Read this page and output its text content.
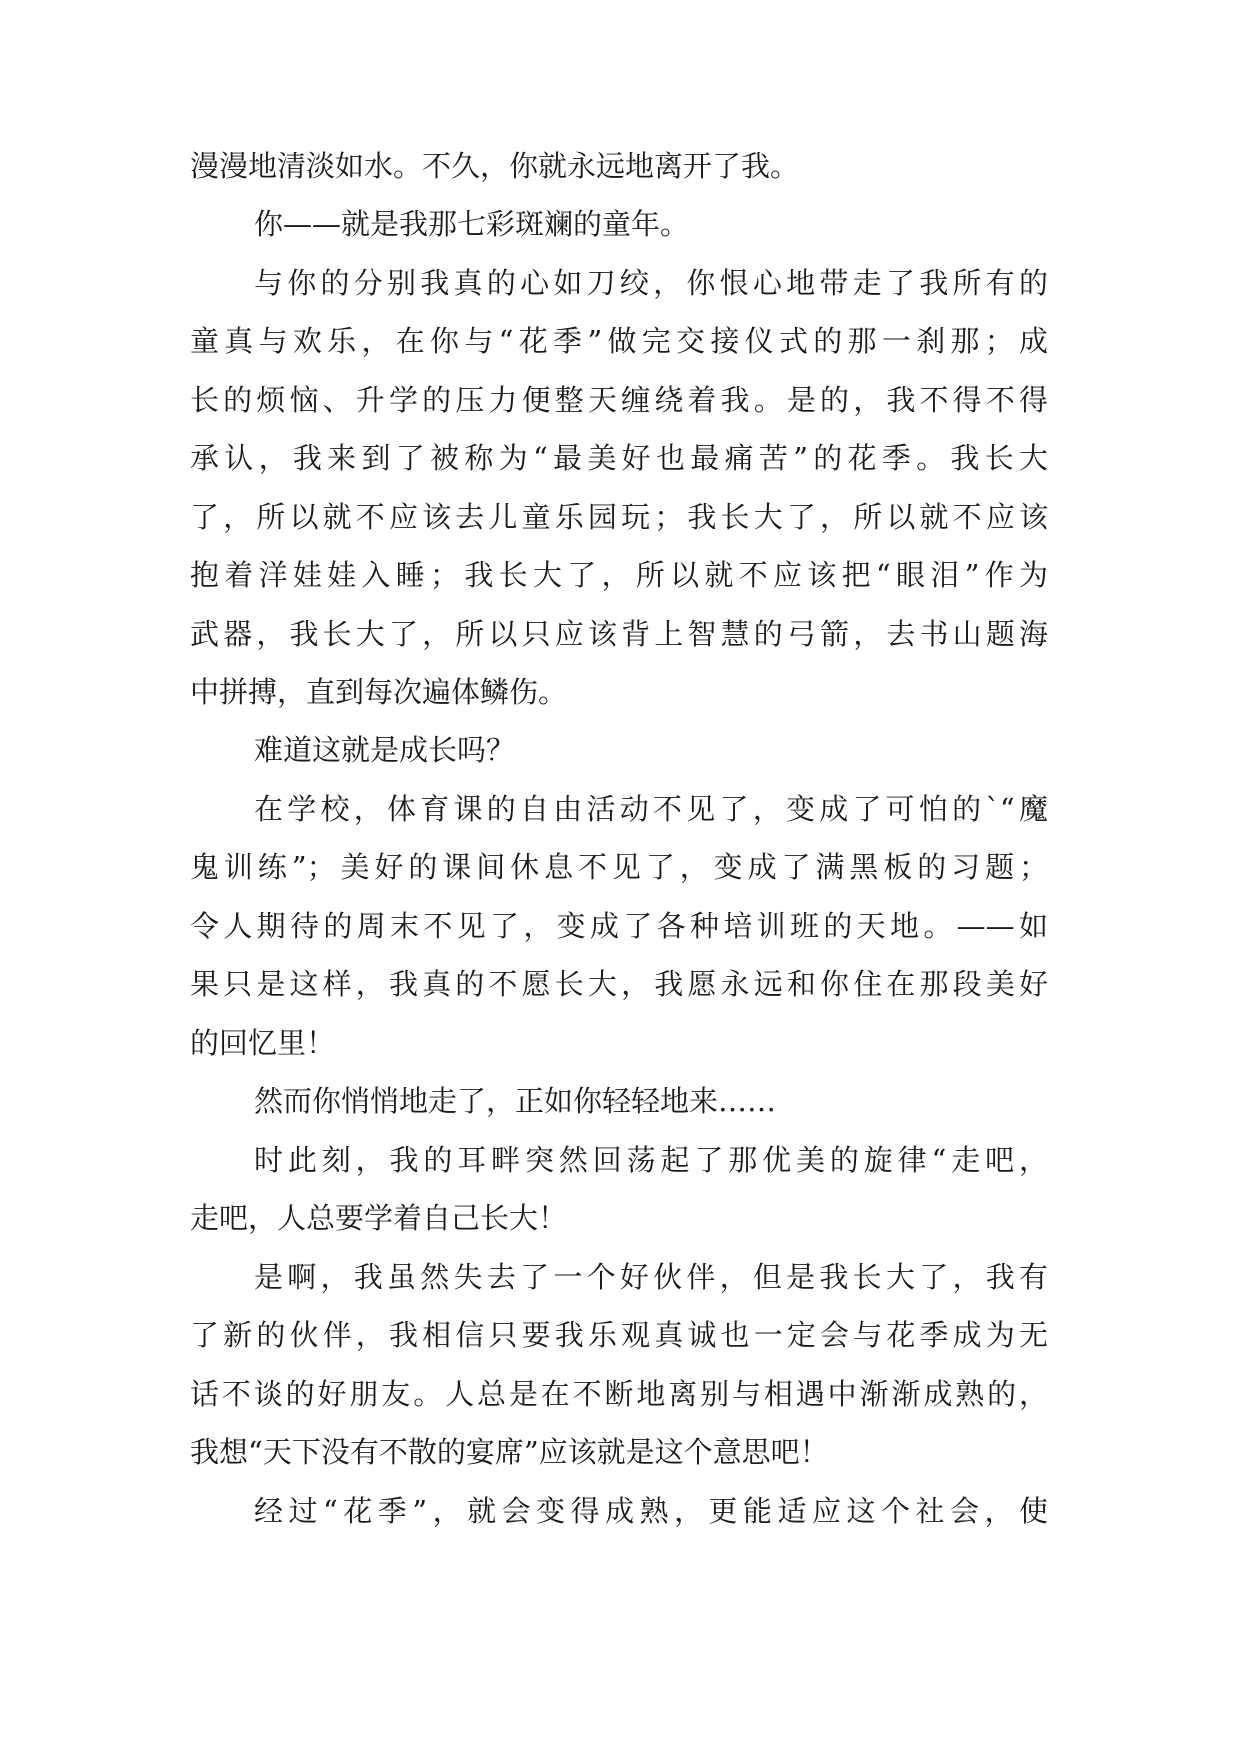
漫漫地清淡如水。不久，你就永远地离开了我。
你——就是我那七彩斑斓的童年。
与你的分别我真的心如刀绞，你恨心地带走了我所有的
童真与欢乐，在你与“花季”做完交接仪式的那一刹那；成
长的烦恼、升学的压力便整天缠绕着我。是的，我不得不得
承认，我来到了被称为“最美好也最痛苦”的花季。我长大
了，所以就不应该去儿童乐园玩；我长大了，所以就不应该
抱着洋娃娃入睡；我长大了，所以就不应该把“眼泪”作为
武器，我长大了，所以只应该背上智慧的弓箭，去书山题海
中拼搏，直到每次遍体鳞伤。
难道这就是成长吗？
在学校，体育课的自由活动不见了，变成了可怕的`“魔
鬼训练”；美好的课间休息不见了，变成了满黑板的习题；
令人期待的周末不见了，变成了各种培训班的天地。——如
果只是这样，我真的不愿长大，我愿永远和你住在那段美好
的回忆里！
然而你悄悄地走了，正如你轻轻地来……
时此刻，我的耳畔突然回荡起了那优美的旋律“走吧，
走吧，人总要学着自己长大！
是啊，我虽然失去了一个好伙伴，但是我长大了，我有
了新的伙伴，我相信只要我乐观真诚也一定会与花季成为无
话不谈的好朋友。人总是在不断地离别与相遇中渐渐成熟的，
我想“天下没有不散的宴席”应该就是这个意思吧！
经过“花季”，就会变得成熟，更能适应这个社会，使
